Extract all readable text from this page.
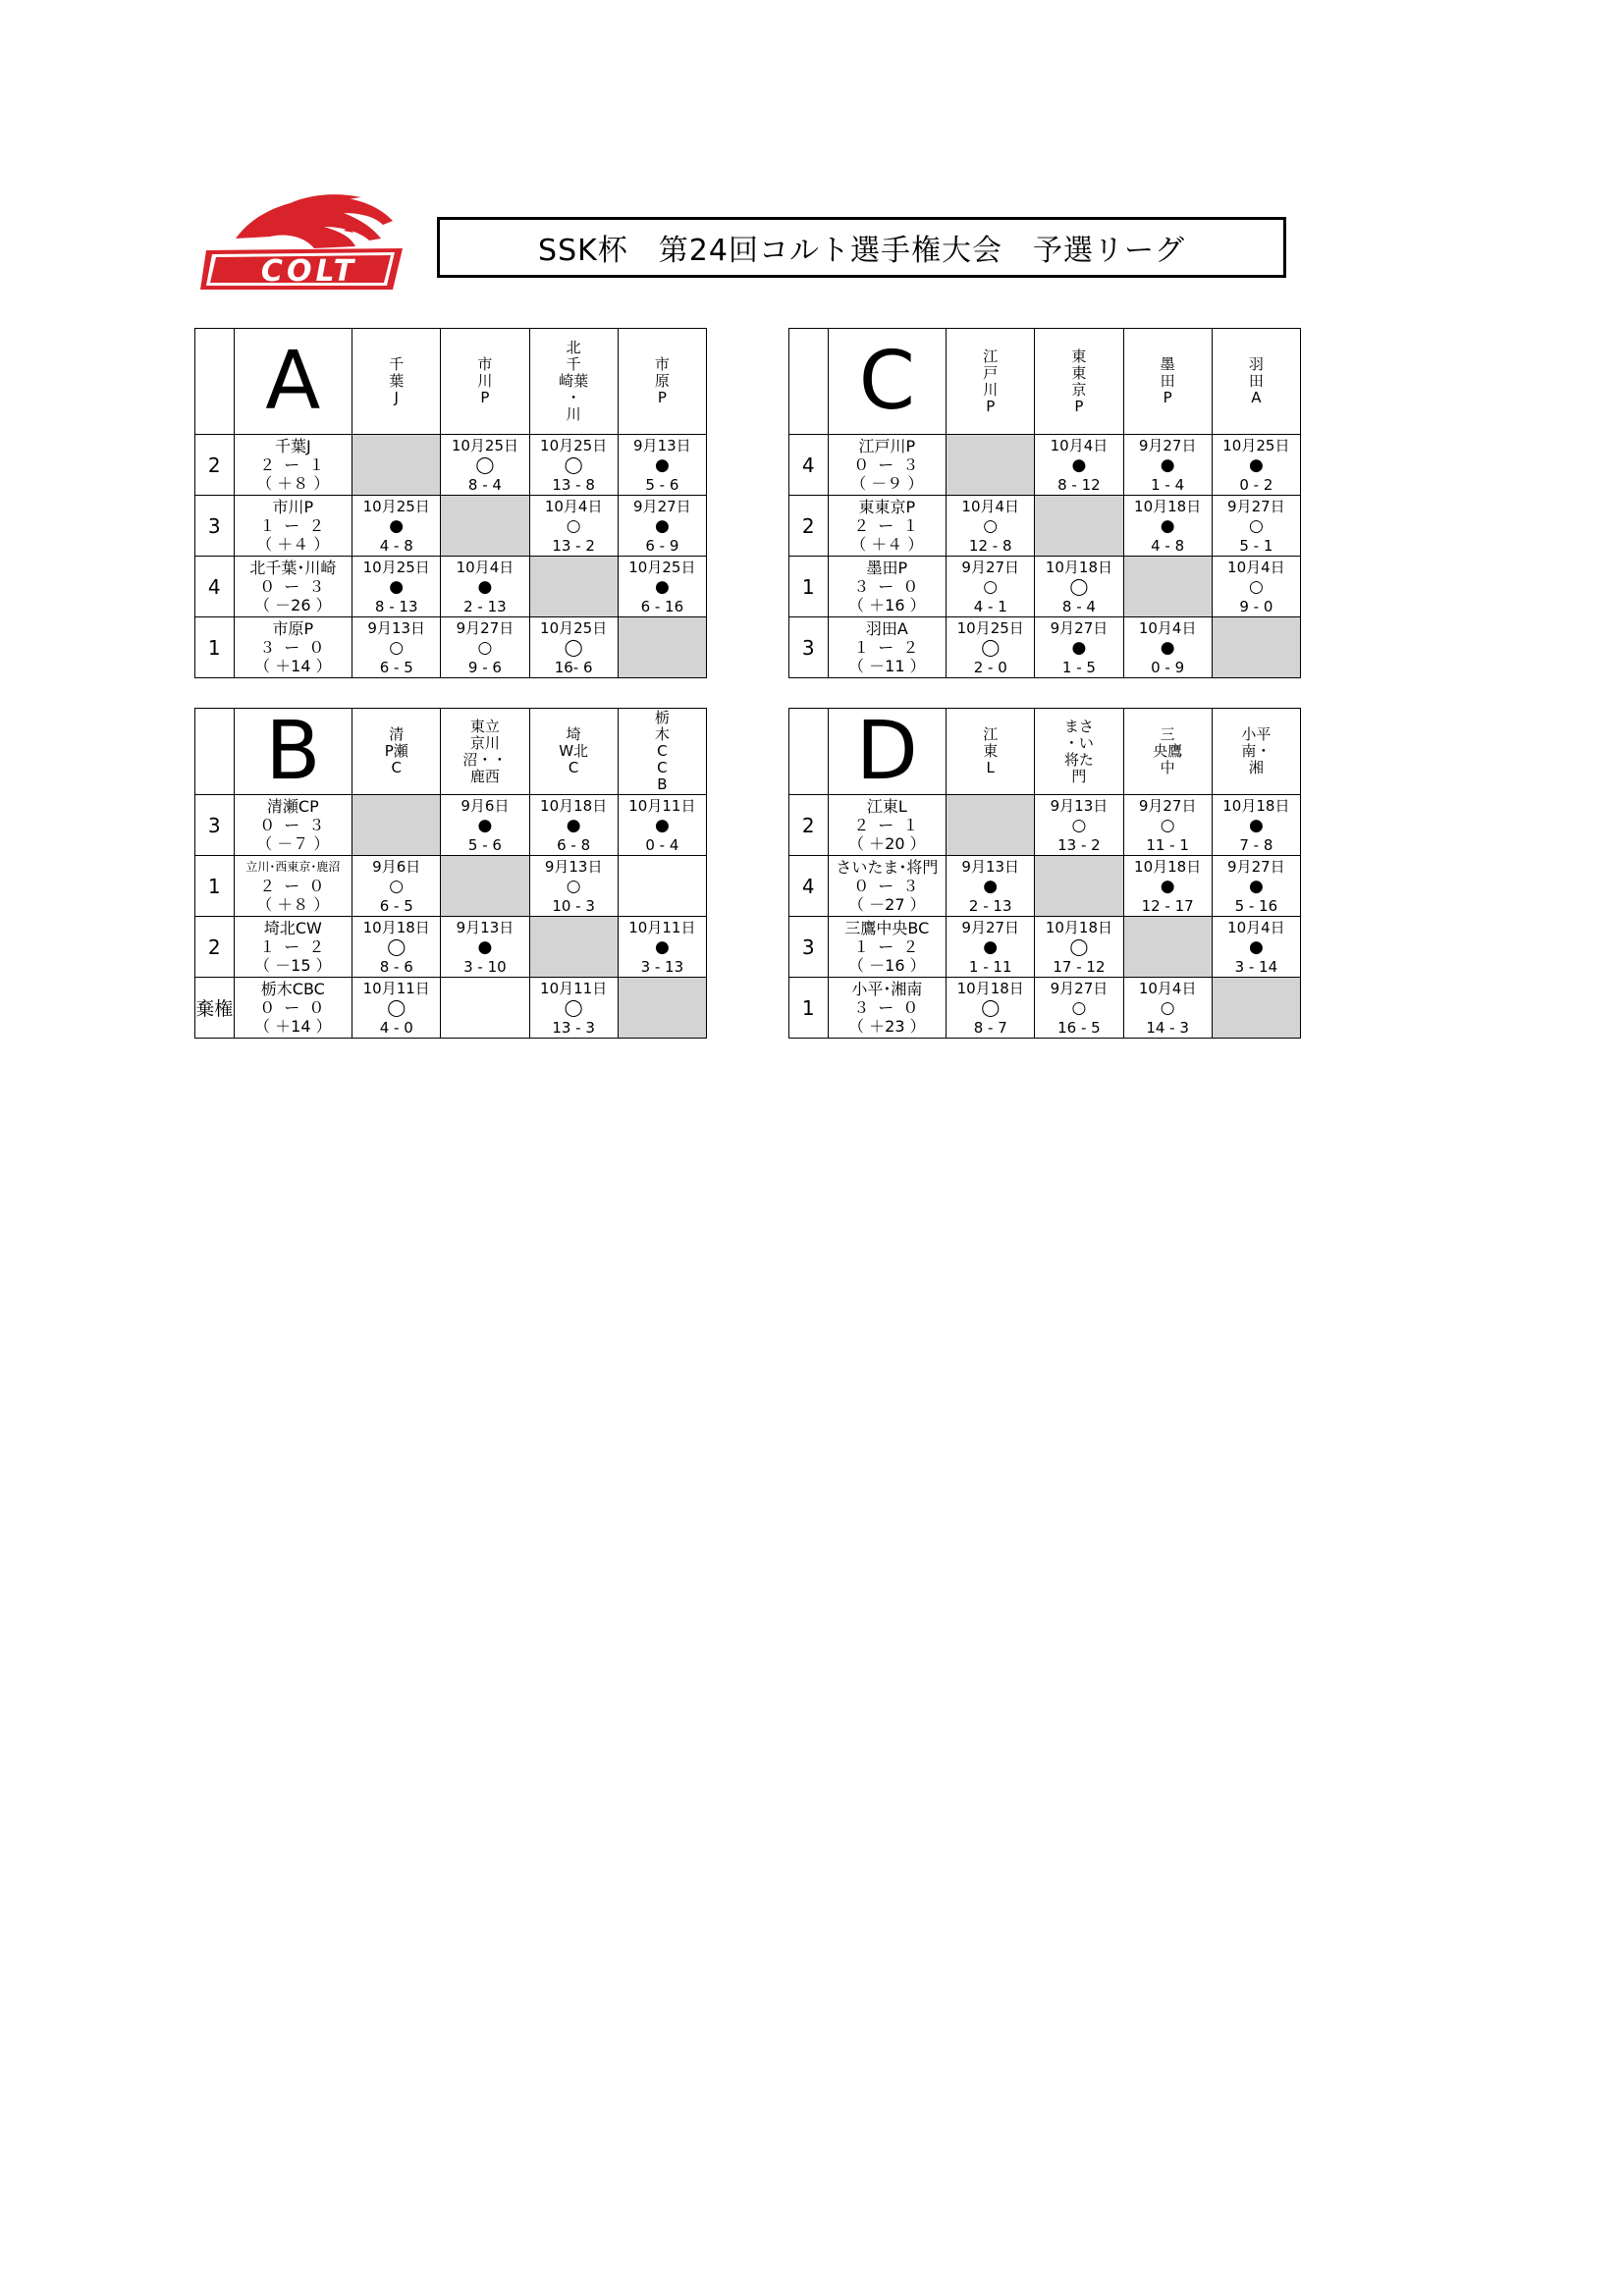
COLT
SSK杯　第24回コルト選手権大会　予選リーグ
	A	千
葉
J	市
川
P	北
千
崎葉
・
川	市
原
P

2	千葉J
２ ー １
（ ＋８ ）		10月25日
◯
8 - 4	10月25日
◯
13 - 8	9月13日
●
5 - 6

3	市川P
１ ー ２
（ ＋４ ）	10月25日
●
4 - 8		10月4日
○
13 - 2	9月27日
●
6 - 9

4	北千葉･川崎
０ ー ３
（ －26 ）	10月25日
●
8 - 13	10月4日
●
2 - 13		10月25日
●
6 - 16

1	市原P
３ ー ０
（ ＋14 ）	9月13日
○
6 - 5	9月27日
○
9 - 6	10月25日
◯
16- 6	

	C	江
戸
川
P	東
東
京
P	墨
田
P	羽
田
A

4	江戸川P
０ ー ３
（ －９ ）		10月4日
●
8 - 12	9月27日
●
1 - 4	10月25日
●
0 - 2

2	東東京P
２ ー １
（ ＋４ ）	10月4日
○
12 - 8		10月18日
●
4 - 8	9月27日
○
5 - 1

1	墨田P
３ ー ０
（ ＋16 ）	9月27日
○
4 - 1	10月18日
◯
8 - 4		10月4日
○
9 - 0

3	羽田A
１ ー ２
（ －11 ）	10月25日
◯
2 - 0	9月27日
●
1 - 5	10月4日
●
0 - 9	

	B	清
P瀬
C	東立
京川
沼・・
鹿西	埼
W北
C	栃
木
C
C
B

3	清瀬CP
０ ー ３
（ －７ ）		9月6日
●
5 - 6	10月18日
●
6 - 8	10月11日
●
0 - 4

1	立川･西東京･鹿沼
２ ー ０
（ ＋８ ）	9月6日
○
6 - 5		9月13日
○
10 - 3	

2	埼北CW
１ ー ２
（ －15 ）	10月18日
◯
8 - 6	9月13日
●
3 - 10		10月11日
●
3 - 13

棄権	栃木CBC
０ ー ０
（ ＋14 ）	10月11日
◯
4 - 0		10月11日
◯
13 - 3	

	D	江
東
L	まさ
・い
将た
門	三
央鷹
中	小平
南・
湘

2	江東L
２ ー １
（ ＋20 ）		9月13日
○
13 - 2	9月27日
○
11 - 1	10月18日
●
7 - 8

4	さいたま･将門
０ ー ３
（ －27 ）	9月13日
●
2 - 13		10月18日
●
12 - 17	9月27日
●
5 - 16

3	三鷹中央BC
１ ー ２
（ －16 ）	9月27日
●
1 - 11	10月18日
◯
17 - 12		10月4日
●
3 - 14

1	小平･湘南
３ ー ０
（ ＋23 ）	10月18日
◯
8 - 7	9月27日
○
16 - 5	10月4日
○
14 - 3	
